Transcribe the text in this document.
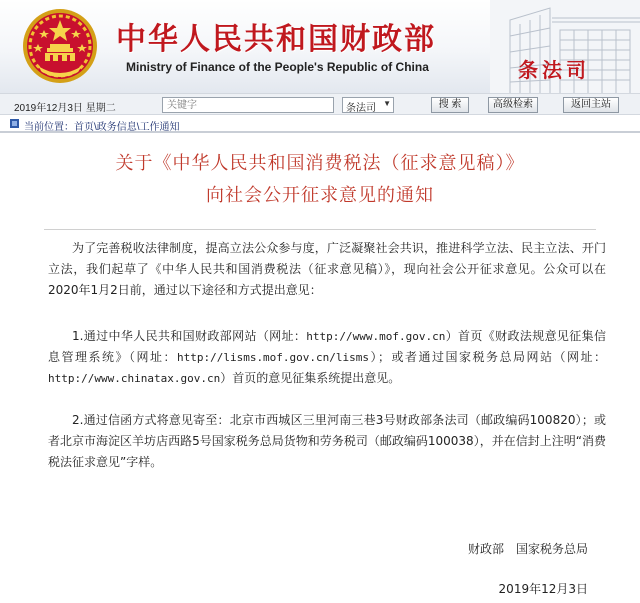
中华人民共和国财政部
Ministry of Finance of the People's Republic of China	条法司
2019年12月3日 星期二
关键字	条法司 ▼	搜 索	高级检索	返回主站
当前位置：首页\政务信息\工作通知
关于《中华人民共和国消费税法（征求意见稿）》
向社会公开征求意见的通知

为了完善税收法律制度，提高立法公众参与度，广泛凝聚社会共识，推进科学立法、民主立法、开门立法，我们起草了《中华人民共和国消费税法（征求意见稿）》，现向社会公开征求意见。公众可以在2020年1月2日前，通过以下途径和方式提出意见：

1.通过中华人民共和国财政部网站（网址：http://www.mof.gov.cn）首页《财政法规意见征集信息管理系统》（网址：http://lisms.mof.gov.cn/lisms）；或者通过国家税务总局网站（网址：http://www.chinatax.gov.cn）首页的意见征集系统提出意见。

2.通过信函方式将意见寄至：北京市西城区三里河南三巷3号财政部条法司（邮政编码100820）；或者北京市海淀区羊坊店西路5号国家税务总局货物和劳务税司（邮政编码100038），并在信封上注明“消费税法征求意见”字样。

财政部　国家税务总局
2019年12月3日
